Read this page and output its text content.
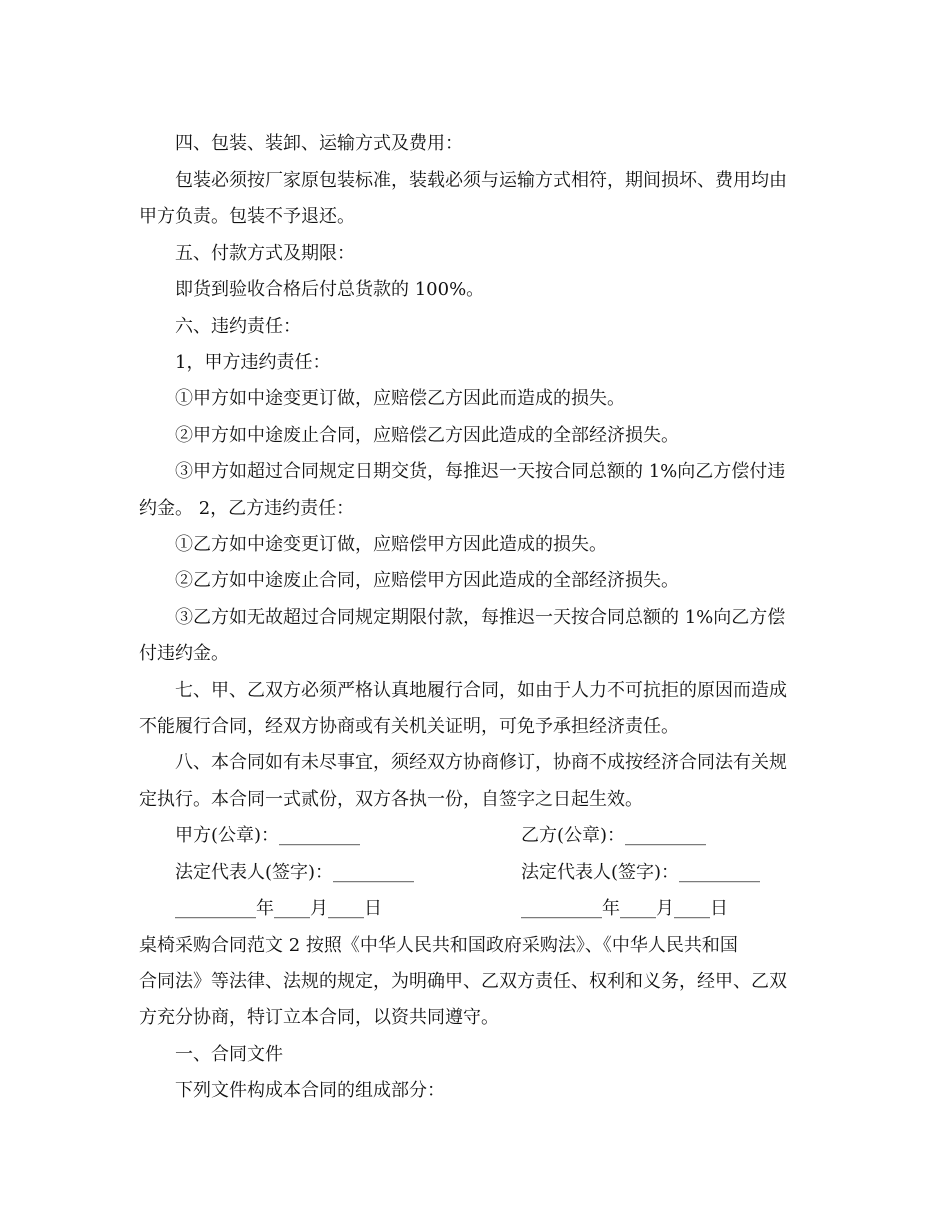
四、包装、装卸、运输方式及费用：
包装必须按厂家原包装标准，装载必须与运输方式相符，期间损坏、费用均由
甲方负责。包装不予退还。
五、付款方式及期限：
即货到验收合格后付总货款的 100%。
六、违约责任：
1，甲方违约责任：
①甲方如中途变更订做，应赔偿乙方因此而造成的损失。
②甲方如中途废止合同，应赔偿乙方因此造成的全部经济损失。
③甲方如超过合同规定日期交货，每推迟一天按合同总额的 1%向乙方偿付违
约金。 2，乙方违约责任：
①乙方如中途变更订做，应赔偿甲方因此造成的损失。
②乙方如中途废止合同，应赔偿甲方因此造成的全部经济损失。
③乙方如无故超过合同规定期限付款，每推迟一天按合同总额的 1%向乙方偿
付违约金。
七、甲、乙双方必须严格认真地履行合同，如由于人力不可抗拒的原因而造成
不能履行合同，经双方协商或有关机关证明，可免予承担经济责任。
八、本合同如有未尽事宜，须经双方协商修订，协商不成按经济合同法有关规
定执行。本合同一式贰份，双方各执一份，自签字之日起生效。
甲方(公章)：_________	乙方(公章)：_________
法定代表人(签字)：_________	法定代表人(签字)：_________
_________年____月____日	_________年____月____日
桌椅采购合同范文 2 按照《中华人民共和国政府采购法》、《中华人民共和国
合同法》等法律、法规的规定，为明确甲、乙双方责任、权利和义务，经甲、乙双
方充分协商，特订立本合同，以资共同遵守。
一、合同文件
下列文件构成本合同的组成部分：
